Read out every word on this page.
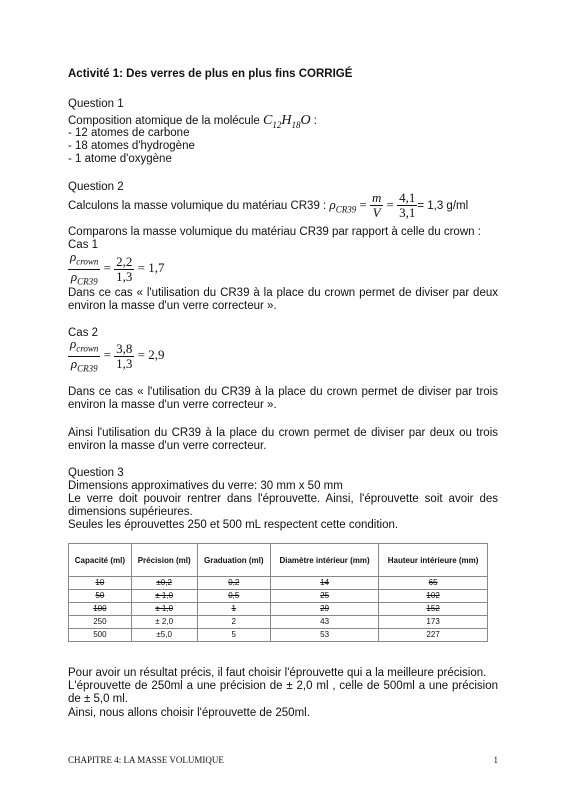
Activité 1: Des verres de plus en plus fins CORRIGÉ
Question 1
Composition atomique de la molécule $C_{12}H_{18}O$ :
- 12 atomes de carbone
- 18 atomes d'hydrogène
- 1 atome d'oxygène
Question 2
Calculons la masse volumique du matériau CR39 : $\rho_{CR39} = \frac{m}{V} = \frac{4,1}{3,1} = 1,3$ g/ml
Comparons la masse volumique du matériau CR39 par rapport à celle du crown :
Cas 1
$\frac{\rho_{crown}}{\rho_{CR39}} = \frac{2,2}{1,3} = 1,7$
Dans ce cas « l'utilisation du CR39 à la place du crown permet de diviser par deux environ la masse d'un verre correcteur ».
Cas 2
$\frac{\rho_{crown}}{\rho_{CR39}} = \frac{3,8}{1,3} = 2,9$
Dans ce cas « l'utilisation du CR39 à la place du crown permet de diviser par trois environ la masse d'un verre correcteur ».
Ainsi l'utilisation du CR39 à la place du crown permet de diviser par deux ou trois environ la masse d'un verre correcteur.
Question 3
Dimensions approximatives du verre: 30 mm x 50 mm
Le verre doit pouvoir rentrer dans l'éprouvette. Ainsi, l'éprouvette soit avoir des dimensions supérieures.
Seules les éprouvettes 250 et 500 mL respectent cette condition.
Capacité (ml)	Précision (ml)	Graduation (ml)	Diamètre intérieur (mm)	Hauteur intérieure (mm)
10	±0,2	0,2	14	65
50	± 1,0	0,5	25	102
100	± 1,0	1	29	152
250	± 2,0	2	43	173
500	±5,0	5	53	227
Pour avoir un résultat précis, il faut choisir l'éprouvette qui a la meilleure précision.
L'éprouvette de 250ml a une précision de ± 2,0 ml , celle de 500ml a une précision de ± 5,0 ml.
Ainsi, nous allons choisir l'éprouvette de 250ml.
CHAPITRE 4: LA MASSE VOLUMIQUE	1
